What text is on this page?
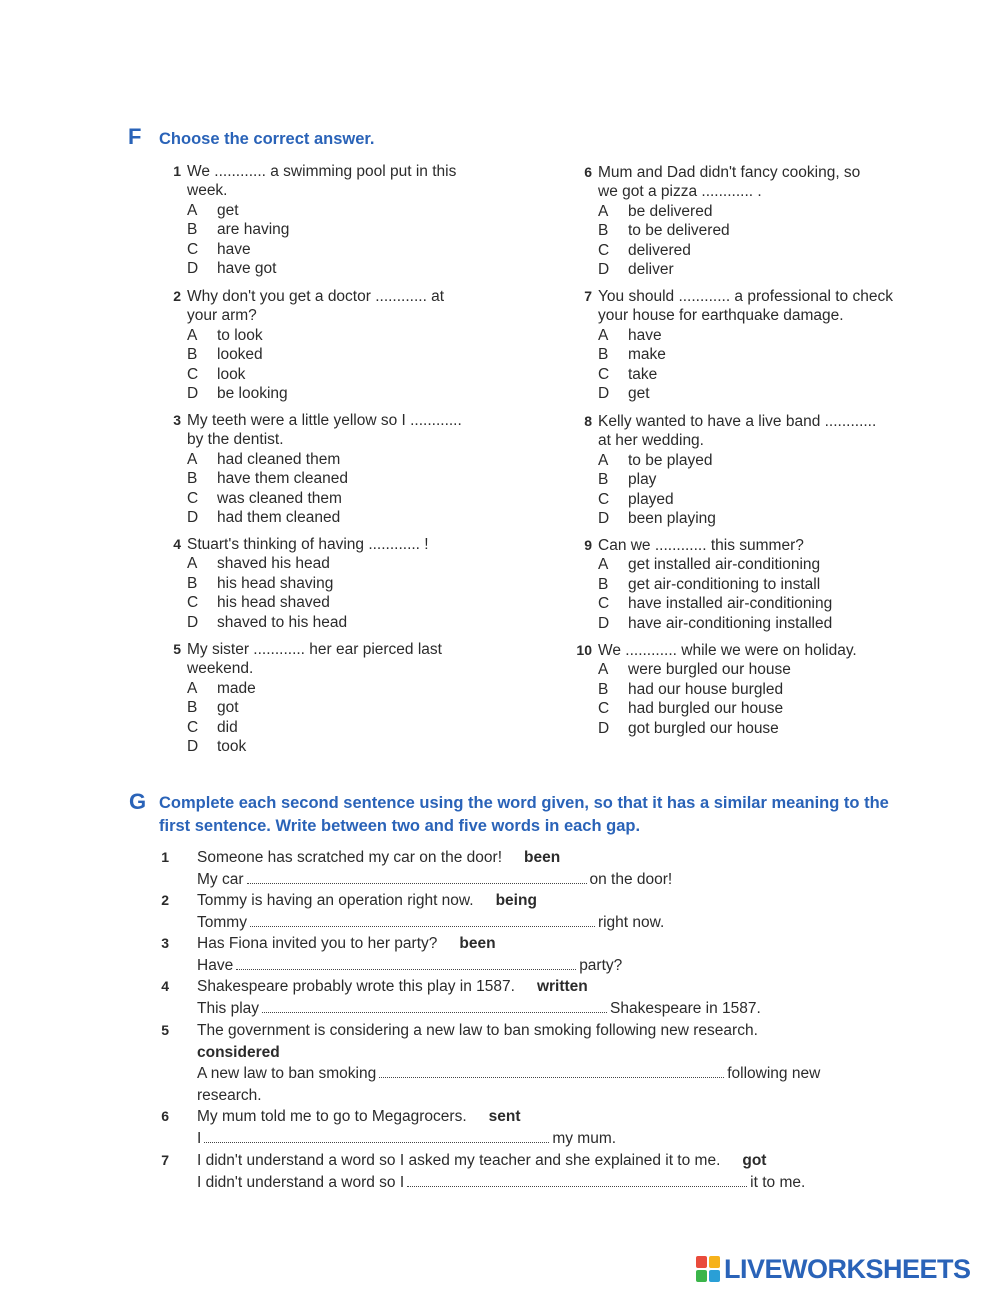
F Choose the correct answer.
1 We ............ a swimming pool put in this
week.
A get
B are having
C have
D have got
2 Why don't you get a doctor ............ at
your arm?
A to look
B looked
C look
D be looking
3 My teeth were a little yellow so I ............
by the dentist.
A had cleaned them
B have them cleaned
C was cleaned them
D had them cleaned
4 Stuart's thinking of having ............ !
A shaved his head
B his head shaving
C his head shaved
D shaved to his head
5 My sister ............ her ear pierced last
weekend.
A made
B got
C did
D took
6 Mum and Dad didn't fancy cooking, so
we got a pizza ............ .
A be delivered
B to be delivered
C delivered
D deliver
7 You should ............ a professional to check
your house for earthquake damage.
A have
B make
C take
D get
8 Kelly wanted to have a live band ............
at her wedding.
A to be played
B play
C played
D been playing
9 Can we ............ this summer?
A get installed air-conditioning
B get air-conditioning to install
C have installed air-conditioning
D have air-conditioning installed
10 We ............ while we were on holiday.
A were burgled our house
B had our house burgled
C had burgled our house
D got burgled our house
G Complete each second sentence using the word given, so that it has a similar meaning to the
first sentence. Write between two and five words in each gap.
1 Someone has scratched my car on the door! been
My car	on the door!
2 Tommy is having an operation right now. being
Tommy	right now.
3 Has Fiona invited you to her party? been
Have	party?
4 Shakespeare probably wrote this play in 1587. written
This play	Shakespeare in 1587.
5 The government is considering a new law to ban smoking following new research.
considered
A new law to ban smoking	following new
research.
6 My mum told me to go to Megagrocers. sent
I	my mum.
7 I didn't understand a word so I asked my teacher and she explained it to me. got
I didn't understand a word so I	it to me.
LIVEWORKSHEETS
